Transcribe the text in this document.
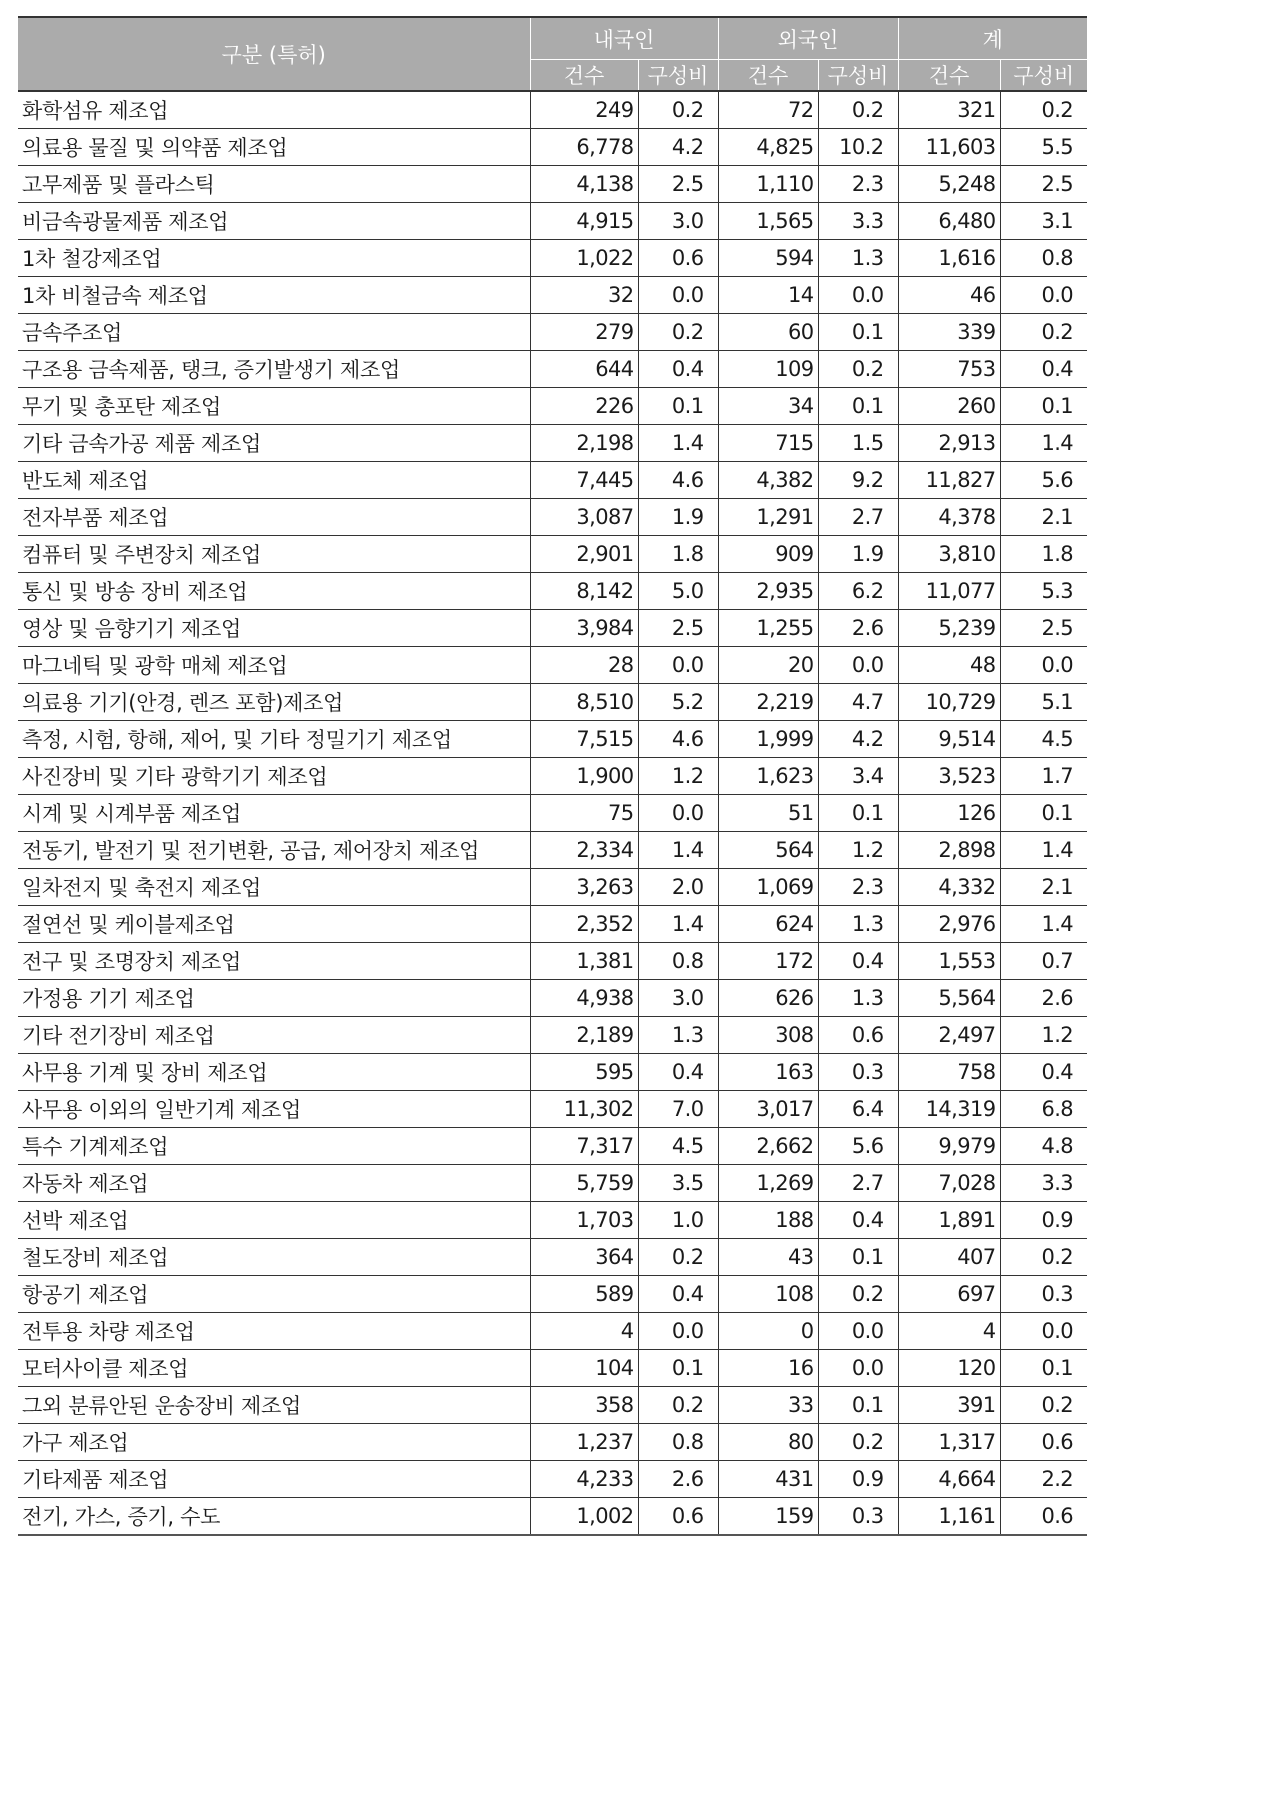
구분 (특허)	내국인		외국인		계	
	건수	구성비	건수	구성비	건수	구성비
화학섬유 제조업	249	0.2	72	0.2	321	0.2
의료용 물질 및 의약품 제조업	6,778	4.2	4,825	10.2	11,603	5.5
고무제품 및 플라스틱	4,138	2.5	1,110	2.3	5,248	2.5
비금속광물제품 제조업	4,915	3.0	1,565	3.3	6,480	3.1
1차 철강제조업	1,022	0.6	594	1.3	1,616	0.8
1차 비철금속 제조업	32	0.0	14	0.0	46	0.0
금속주조업	279	0.2	60	0.1	339	0.2
구조용 금속제품, 탱크, 증기발생기 제조업	644	0.4	109	0.2	753	0.4
무기 및 총포탄 제조업	226	0.1	34	0.1	260	0.1
기타 금속가공 제품 제조업	2,198	1.4	715	1.5	2,913	1.4
반도체 제조업	7,445	4.6	4,382	9.2	11,827	5.6
전자부품 제조업	3,087	1.9	1,291	2.7	4,378	2.1
컴퓨터 및 주변장치 제조업	2,901	1.8	909	1.9	3,810	1.8
통신 및 방송 장비 제조업	8,142	5.0	2,935	6.2	11,077	5.3
영상 및 음향기기 제조업	3,984	2.5	1,255	2.6	5,239	2.5
마그네틱 및 광학 매체 제조업	28	0.0	20	0.0	48	0.0
의료용 기기(안경, 렌즈 포함)제조업	8,510	5.2	2,219	4.7	10,729	5.1
측정, 시험, 항해, 제어, 및 기타 정밀기기 제조업	7,515	4.6	1,999	4.2	9,514	4.5
사진장비 및 기타 광학기기 제조업	1,900	1.2	1,623	3.4	3,523	1.7
시계 및 시계부품 제조업	75	0.0	51	0.1	126	0.1
전동기, 발전기 및 전기변환, 공급, 제어장치 제조업	2,334	1.4	564	1.2	2,898	1.4
일차전지 및 축전지 제조업	3,263	2.0	1,069	2.3	4,332	2.1
절연선 및 케이블제조업	2,352	1.4	624	1.3	2,976	1.4
전구 및 조명장치 제조업	1,381	0.8	172	0.4	1,553	0.7
가정용 기기 제조업	4,938	3.0	626	1.3	5,564	2.6
기타 전기장비 제조업	2,189	1.3	308	0.6	2,497	1.2
사무용 기계 및 장비 제조업	595	0.4	163	0.3	758	0.4
사무용 이외의 일반기계 제조업	11,302	7.0	3,017	6.4	14,319	6.8
특수 기계제조업	7,317	4.5	2,662	5.6	9,979	4.8
자동차 제조업	5,759	3.5	1,269	2.7	7,028	3.3
선박 제조업	1,703	1.0	188	0.4	1,891	0.9
철도장비 제조업	364	0.2	43	0.1	407	0.2
항공기 제조업	589	0.4	108	0.2	697	0.3
전투용 차량 제조업	4	0.0	0	0.0	4	0.0
모터사이클 제조업	104	0.1	16	0.0	120	0.1
그외 분류안된 운송장비 제조업	358	0.2	33	0.1	391	0.2
가구 제조업	1,237	0.8	80	0.2	1,317	0.6
기타제품 제조업	4,233	2.6	431	0.9	4,664	2.2
전기, 가스, 증기, 수도	1,002	0.6	159	0.3	1,161	0.6
